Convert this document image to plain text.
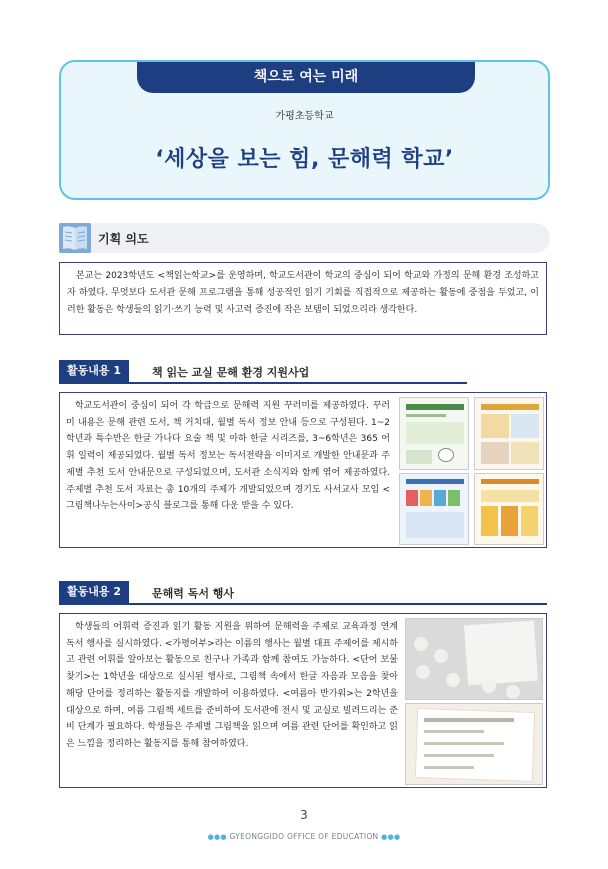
책으로 여는 미래
가평초등학교
‘세상을 보는 힘, 문해력 학교’
기획 의도
본교는 2023학년도 <책읽는학교>를 운영하며, 학교도서관이 학교의 중심이 되어 학교와 가정의 문해 환경 조성하고자 하였다. 무엇보다 도서관 문해 프로그램을 통해 성공적인 읽기 기회를 직접적으로 제공하는 활동에 중점을 두었고, 이러한 활동은 학생들의 읽기·쓰기 능력 및 사고력 증진에 작은 보탬이 되었으리라 생각한다.
활동내용 1	책 읽는 교실 문해 환경 지원사업
학교도서관이 중심이 되어 각 학급으로 문해력 지원 꾸러미를 제공하였다. 꾸러미 내용은 문해 관련 도서, 책 거치대, 월별 독서 정보 안내 등으로 구성된다. 1~2학년과 특수반은 한글 가나다 요술 책 및 아하 한글 시리즈를, 3~6학년은 365 어휘 일력이 제공되었다. 월별 독서 정보는 독서전략을 이미지로 개발한 안내문과 주제별 추천 도서 안내문으로 구성되었으며, 도서관 소식지와 함께 엮어 제공하였다. 주제별 추천 도서 자료는 총 10개의 주제가 개발되었으며 경기도 사서교사 모임 <그림책나누는사이>공식 블로그를 통해 다운 받을 수 있다.
활동내용 2	문해력 독서 행사
학생들의 어휘력 증진과 읽기 활동 지원을 위하여 문해력을 주제로 교육과정 연계 독서 행사를 실시하였다. <가평어부>라는 이름의 행사는 월별 대표 주제어를 제시하고 관련 어휘를 알아보는 활동으로 친구나 가족과 함께 참여도 가능하다. <단어 보물찾기>는 1학년을 대상으로 실시된 행사로, 그림책 속에서 한글 자음과 모음을 찾아 해당 단어를 정리하는 활동지를 개발하여 이용하였다. <여름아 반가워>는 2학년을 대상으로 하며, 여름 그림책 세트를 준비하여 도서관에 전시 및 교실로 빌려드리는 준비 단계가 필요하다. 학생들은 주제별 그림책을 읽으며 여름 관련 단어를 확인하고 읽은 느낌을 정리하는 활동지를 통해 참여하였다.
3
●●● GYEONGGIDO OFFICE OF EDUCATION ●●●
